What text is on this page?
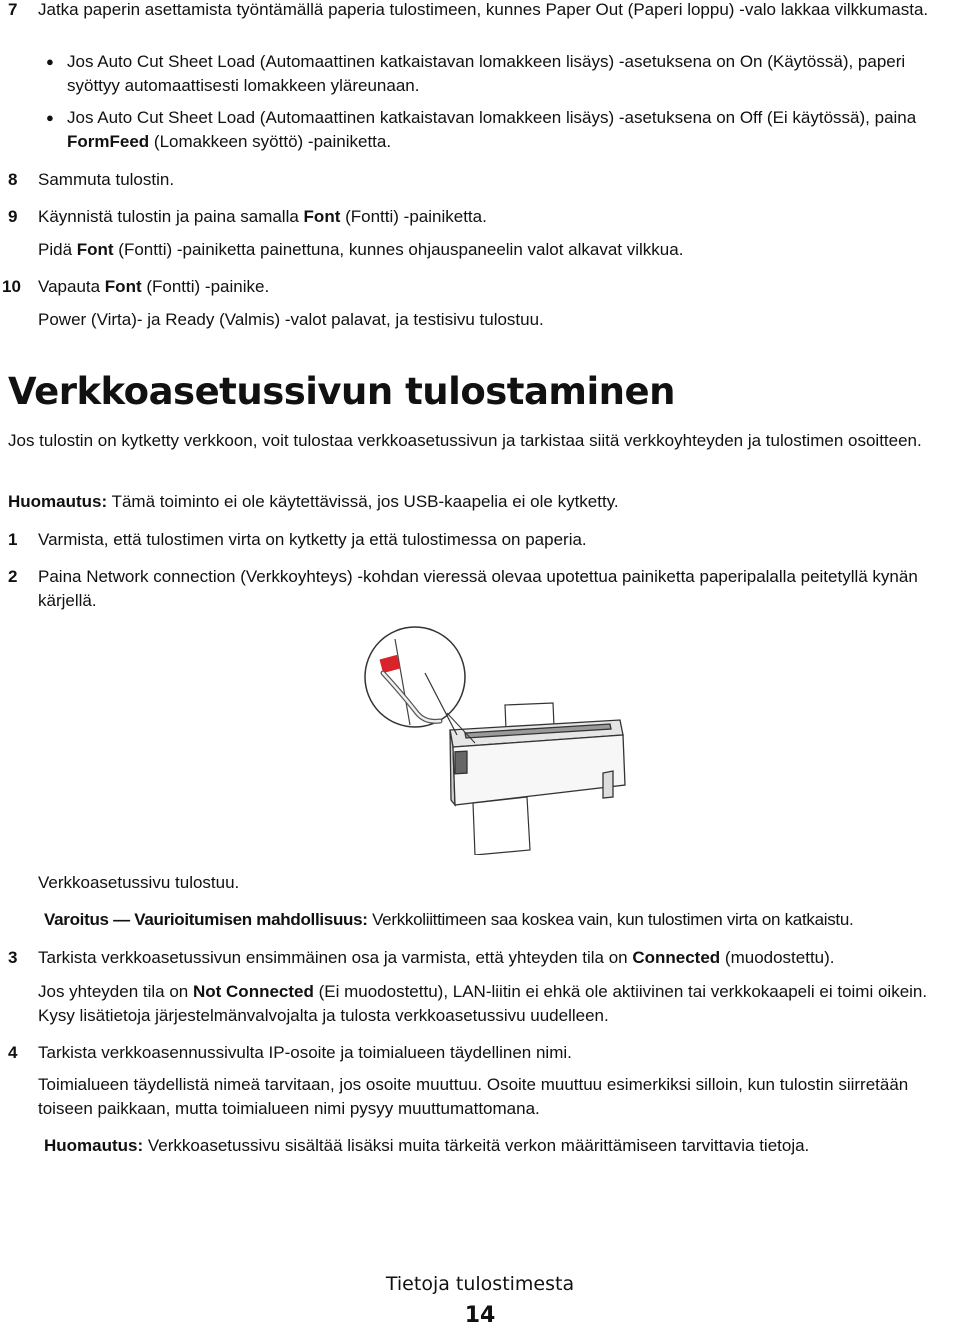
7	Jatka paperin asettamista työntämällä paperia tulostimeen, kunnes Paper Out (Paperi loppu) -valo lakkaa vilkkumasta.
● Jos Auto Cut Sheet Load (Automaattinen katkaistavan lomakkeen lisäys) -asetuksena on On (Käytössä), paperi syöttyy automaattisesti lomakkeen yläreunaan.
● Jos Auto Cut Sheet Load (Automaattinen katkaistavan lomakkeen lisäys) -asetuksena on Off (Ei käytössä), paina FormFeed (Lomakkeen syöttö) -painiketta.
8	Sammuta tulostin.
9	Käynnistä tulostin ja paina samalla Font (Fontti) -painiketta.
Pidä Font (Fontti) -painiketta painettuna, kunnes ohjauspaneelin valot alkavat vilkkua.
10	Vapauta Font (Fontti) -painike.
Power (Virta)- ja Ready (Valmis) -valot palavat, ja testisivu tulostuu.
Verkkoasetussivun tulostaminen
Jos tulostin on kytketty verkkoon, voit tulostaa verkkoasetussivun ja tarkistaa siitä verkkoyhteyden ja tulostimen osoitteen.
Huomautus: Tämä toiminto ei ole käytettävissä, jos USB-kaapelia ei ole kytketty.
1	Varmista, että tulostimen virta on kytketty ja että tulostimessa on paperia.
2	Paina Network connection (Verkkoyhteys) -kohdan vieressä olevaa upotettua painiketta paperipalalla peitetyllä kynän kärjellä.
Verkkoasetussivu tulostuu.
Varoitus — Vaurioitumisen mahdollisuus: Verkkoliittimeen saa koskea vain, kun tulostimen virta on katkaistu.
3	Tarkista verkkoasetussivun ensimmäinen osa ja varmista, että yhteyden tila on Connected (muodostettu).
Jos yhteyden tila on Not Connected (Ei muodostettu), LAN-liitin ei ehkä ole aktiivinen tai verkkokaapeli ei toimi oikein. Kysy lisätietoja järjestelmänvalvojalta ja tulosta verkkoasetussivu uudelleen.
4	Tarkista verkkoasennussivulta IP-osoite ja toimialueen täydellinen nimi.
Toimialueen täydellistä nimeä tarvitaan, jos osoite muuttuu. Osoite muuttuu esimerkiksi silloin, kun tulostin siirretään toiseen paikkaan, mutta toimialueen nimi pysyy muuttumattomana.
Huomautus: Verkkoasetussivu sisältää lisäksi muita tärkeitä verkon määrittämiseen tarvittavia tietoja.
Tietoja tulostimesta
14
